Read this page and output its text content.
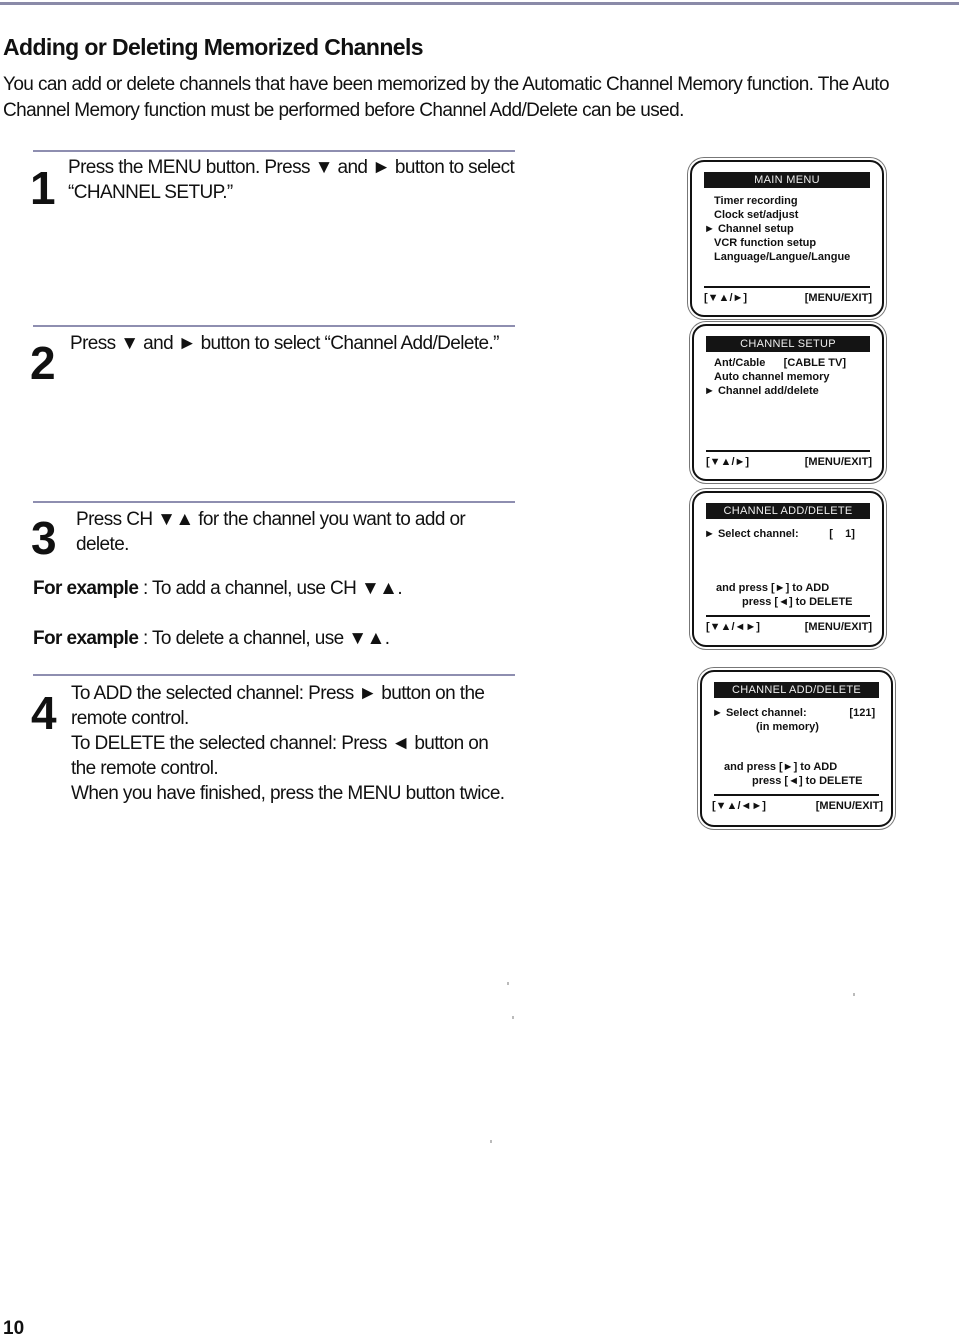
Adding or Deleting Memorized Channels

You can add or delete channels that have been memorized by the Automatic Channel Memory function. The Auto Channel Memory function must be performed before Channel Add/Delete can be used.

1 Press the MENU button. Press ▼ and ► button to select
“CHANNEL SETUP.”
2 Press ▼ and ► button to select “Channel Add/Delete.”
3 Press CH ▼▲ for the channel you want to add or
delete.
For example : To add a channel, use CH ▼▲.
For example : To delete a channel, use ▼▲.
4 To ADD the selected channel: Press ► button on the
remote control.
To DELETE the selected channel: Press ◄ button on
the remote control.
When you have finished, press the MENU button twice.
MAIN MENU
Timer recording
Clock set/adjust
► Channel setup
VCR function setup
Language/Langue/Langue
[▼▲/►]	[MENU/EXIT]
CHANNEL SETUP
Ant/Cable      [CABLE TV]
Auto channel memory
► Channel add/delete
[▼▲/►]	[MENU/EXIT]
CHANNEL ADD/DELETE
► Select channel:          [    1]
and press [►] to ADD
press [◄] to DELETE
[▼▲/◄►]	[MENU/EXIT]
CHANNEL ADD/DELETE
► Select channel:              [121]
(in memory)
and press [►] to ADD
press [◄] to DELETE
[▼▲/◄►]	[MENU/EXIT]
10
